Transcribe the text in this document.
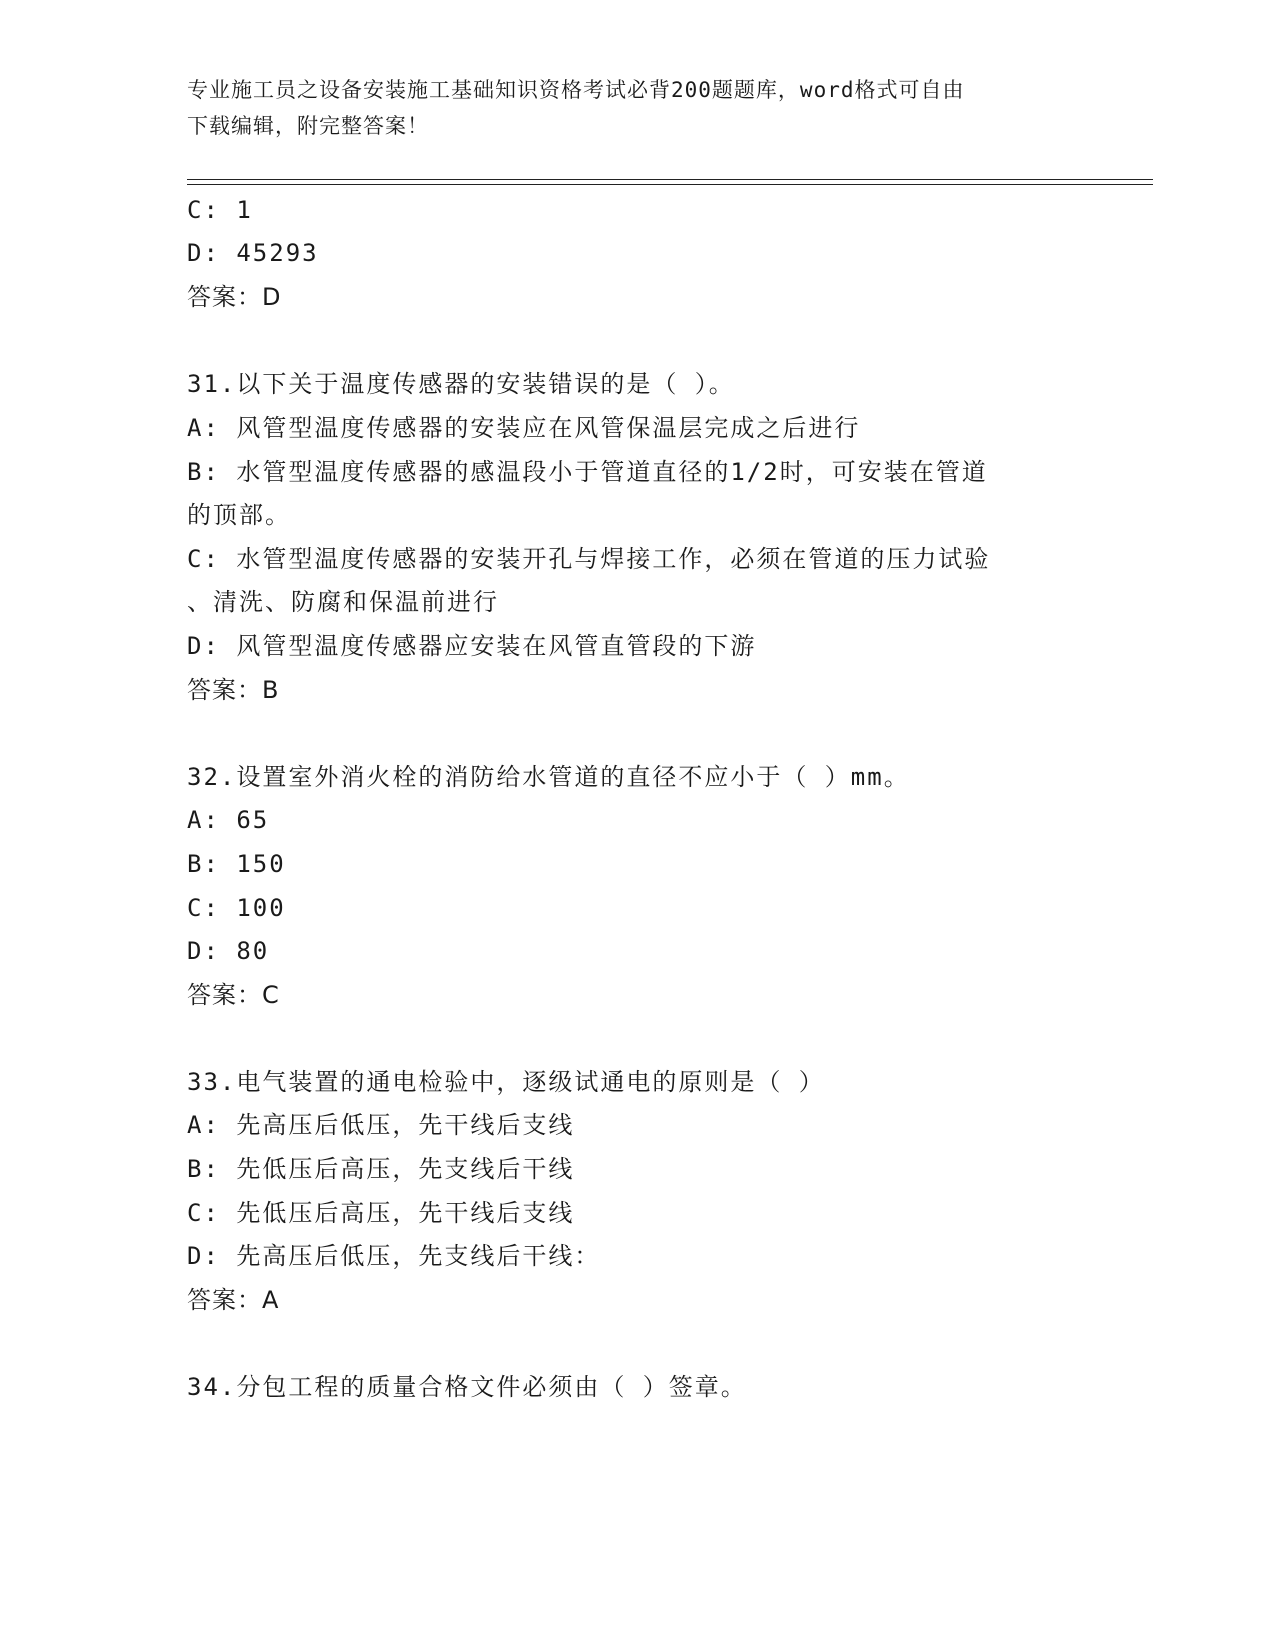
专业施工员之设备安装施工基础知识资格考试必背200题题库，word格式可自由
下载编辑，附完整答案！
C: 1
D: 45293
答案：D
31.以下关于温度传感器的安装错误的是（ ）。
A: 风管型温度传感器的安装应在风管保温层完成之后进行
B: 水管型温度传感器的感温段小于管道直径的1/2时，可安装在管道
的顶部。
C: 水管型温度传感器的安装开孔与焊接工作，必须在管道的压力试验
、清洗、防腐和保温前进行
D: 风管型温度传感器应安装在风管直管段的下游
答案：B
32.设置室外消火栓的消防给水管道的直径不应小于（ ）mm。
A: 65
B: 150
C: 100
D: 80
答案：C
33.电气装置的通电检验中，逐级试通电的原则是（ ）
A: 先高压后低压，先干线后支线
B: 先低压后高压，先支线后干线
C: 先低压后高压，先干线后支线
D: 先高压后低压，先支线后干线：
答案：A
34.分包工程的质量合格文件必须由（ ）签章。
